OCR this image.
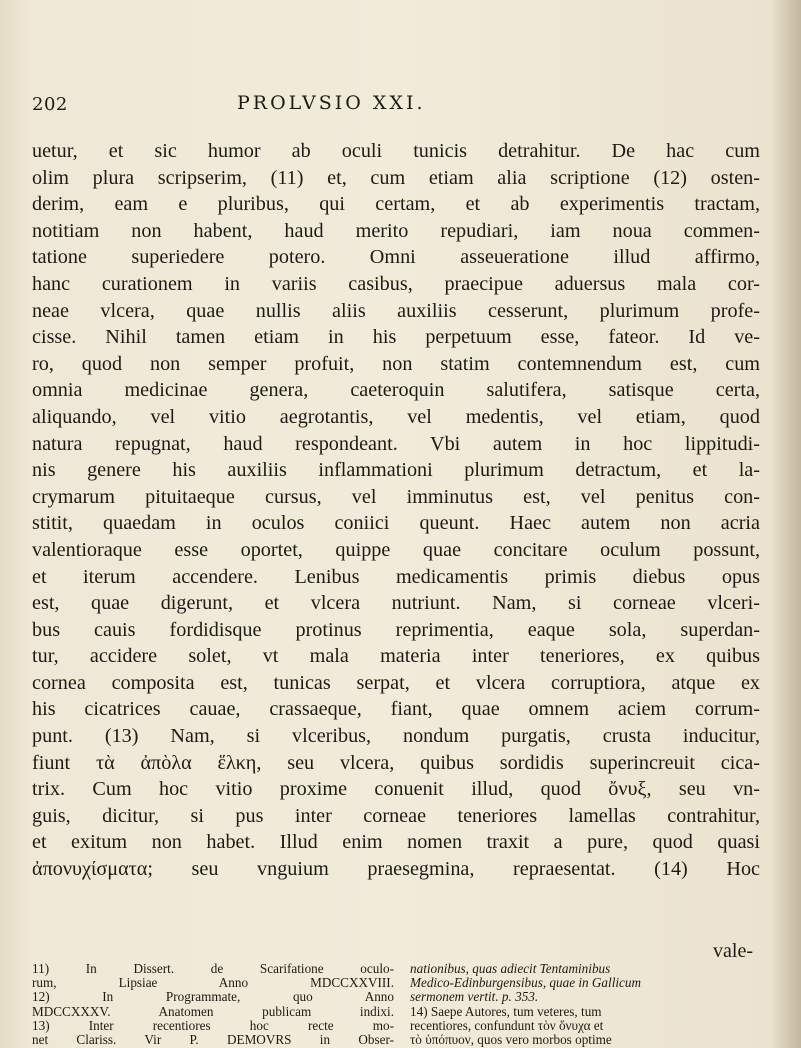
202	PROLVSIO XXI.
uetur, et sic humor ab oculi tunicis detrahitur. De hac cum
olim plura scripserim, (11) et, cum etiam alia scriptione (12) osten-
derim, eam e pluribus, qui certam, et ab experimentis tractam,
notitiam non habent, haud merito repudiari, iam noua commen-
tatione superiedere potero. Omni asseueratione illud affirmo,
hanc curationem in variis casibus, praecipue aduersus mala cor-
neae vlcera, quae nullis aliis auxiliis cesserunt, plurimum profe-
cisse. Nihil tamen etiam in his perpetuum esse, fateor. Id ve-
ro, quod non semper profuit, non statim contemnendum est, cum
omnia medicinae genera, caeteroquin salutifera, satisque certa,
aliquando, vel vitio aegrotantis, vel medentis, vel etiam, quod
natura repugnat, haud respondeant. Vbi autem in hoc lippitudi-
nis genere his auxiliis inflammationi plurimum detractum, et la-
crymarum pituitaeque cursus, vel imminutus est, vel penitus con-
stitit, quaedam in oculos coniici queunt. Haec autem non acria
valentioraque esse oportet, quippe quae concitare oculum possunt,
et iterum accendere. Lenibus medicamentis primis diebus opus
est, quae digerunt, et vlcera nutriunt. Nam, si corneae vlceri-
bus cauis fordidisque protinus reprimentia, eaque sola, superdan-
tur, accidere solet, vt mala materia inter teneriores, ex quibus
cornea composita est, tunicas serpat, et vlcera corruptiora, atque ex
his cicatrices cauae, crassaeque, fiant, quae omnem aciem corrum-
punt. (13) Nam, si vlceribus, nondum purgatis, crusta inducitur,
fiunt τὰ ἀπὸλα ἕλκη, seu vlcera, quibus sordidis superincreuit cica-
trix. Cum hoc vitio proxime conuenit illud, quod ὄνυξ, seu vn-
guis, dicitur, si pus inter corneae teneriores lamellas contrahitur,
et exitum non habet. Illud enim nomen traxit a pure, quod quasi
ἀπονυχίσματα; seu vnguium praesegmina, repraesentat. (14) Hoc
vale-
11) In Dissert. de Scarifatione oculo-
rum, Lipsiae Anno MDCCXXVIII.
12) In Programmate, quo Anno
MDCCXXXV. Anatomen publicam indixi.
13) Inter recentiores hoc recte mo-
net Clariss. Vir P. DEMOVRS in Obser-
nationibus, quas adiecit Tentaminibus
Medico-Edinburgensibus, quae in Gallicum
sermonem vertit. p. 353.
14) Saepe Autores, tum veteres, tum
recentiores, confundunt τὸν ὄνυχα et
τὸ ὑπόπυον, quos vero morbos optime
